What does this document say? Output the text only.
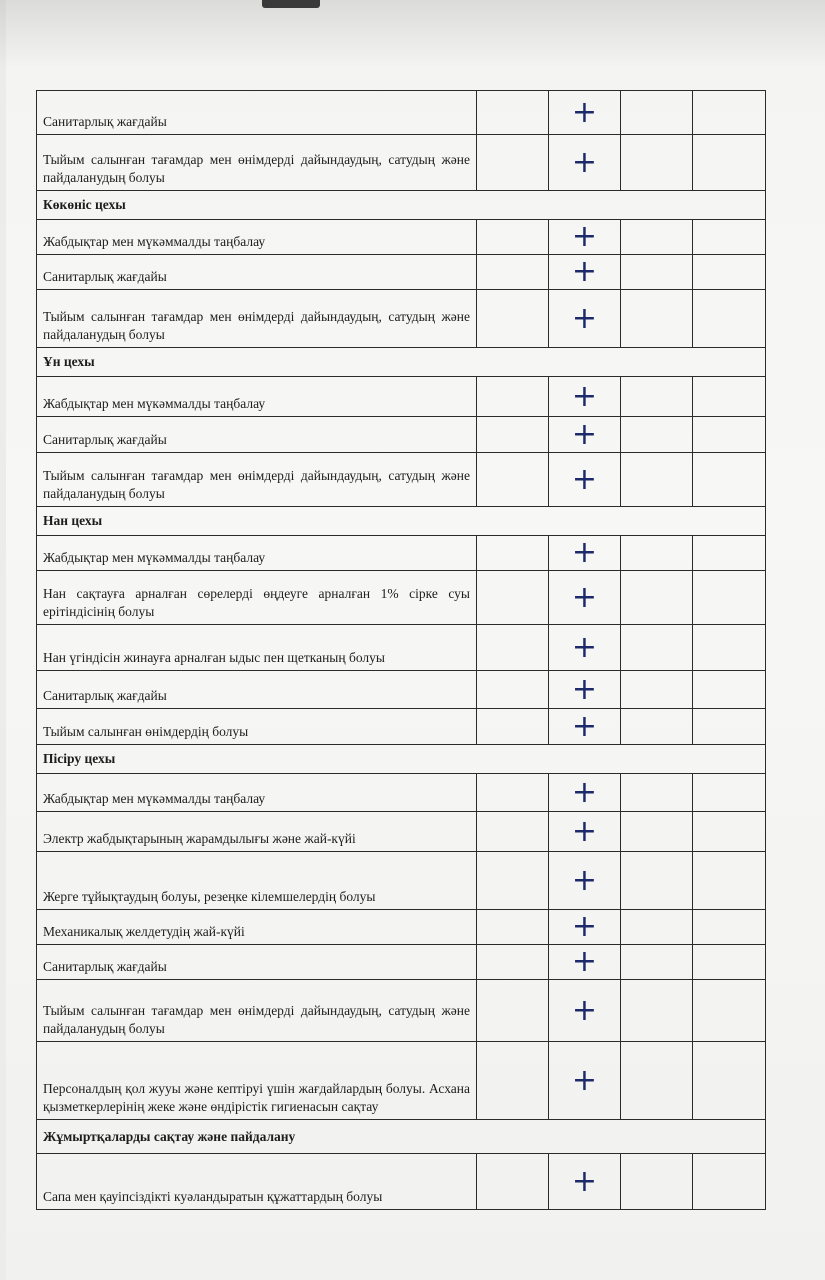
Санитарлық жағдайы		+		
Тыйым салынған тағамдар мен өнімдерді дайындаудың, сатудың және пайдаланудың болуы		+		
Көкөніс цехы				
Жабдықтар мен мүкәммалды таңбалау		+		
Санитарлық жағдайы		+		
Тыйым салынған тағамдар мен өнімдерді дайындаудың, сатудың және пайдаланудың болуы		+		
Ұн цехы				
Жабдықтар мен мүкәммалды таңбалау		+		
Санитарлық жағдайы		+		
Тыйым салынған тағамдар мен өнімдерді дайындаудың, сатудың және пайдаланудың болуы		+		
Нан цехы				
Жабдықтар мен мүкәммалды таңбалау		+		
Нан сақтауға арналған сөрелерді өңдеуге арналған 1% сірке суы ерітіндісінің болуы		+		
Нан үгіндісін жинауға арналған ыдыс пен щетканың болуы		+		
Санитарлық жағдайы		+		
Тыйым салынған өнімдердің болуы		+		
Пісіру цехы				
Жабдықтар мен мүкәммалды таңбалау		+		
Электр жабдықтарының жарамдылығы және жай-күйі		+		
Жерге тұйықтаудың болуы, резеңке кілемшелердің болуы		+		
Механикалық желдетудің жай-күйі		+		
Санитарлық жағдайы		+		
Тыйым салынған тағамдар мен өнімдерді дайындаудың, сатудың және пайдаланудың болуы		+		
Персоналдың қол жууы және кептіруі үшін жағдайлардың болуы. Асхана қызметкерлерінің жеке және өндірістік гигиенасын сақтау		+		
Жұмыртқаларды сақтау және пайдалану				
Сапа мен қауіпсіздікті куәландыратын құжаттардың болуы		+		
